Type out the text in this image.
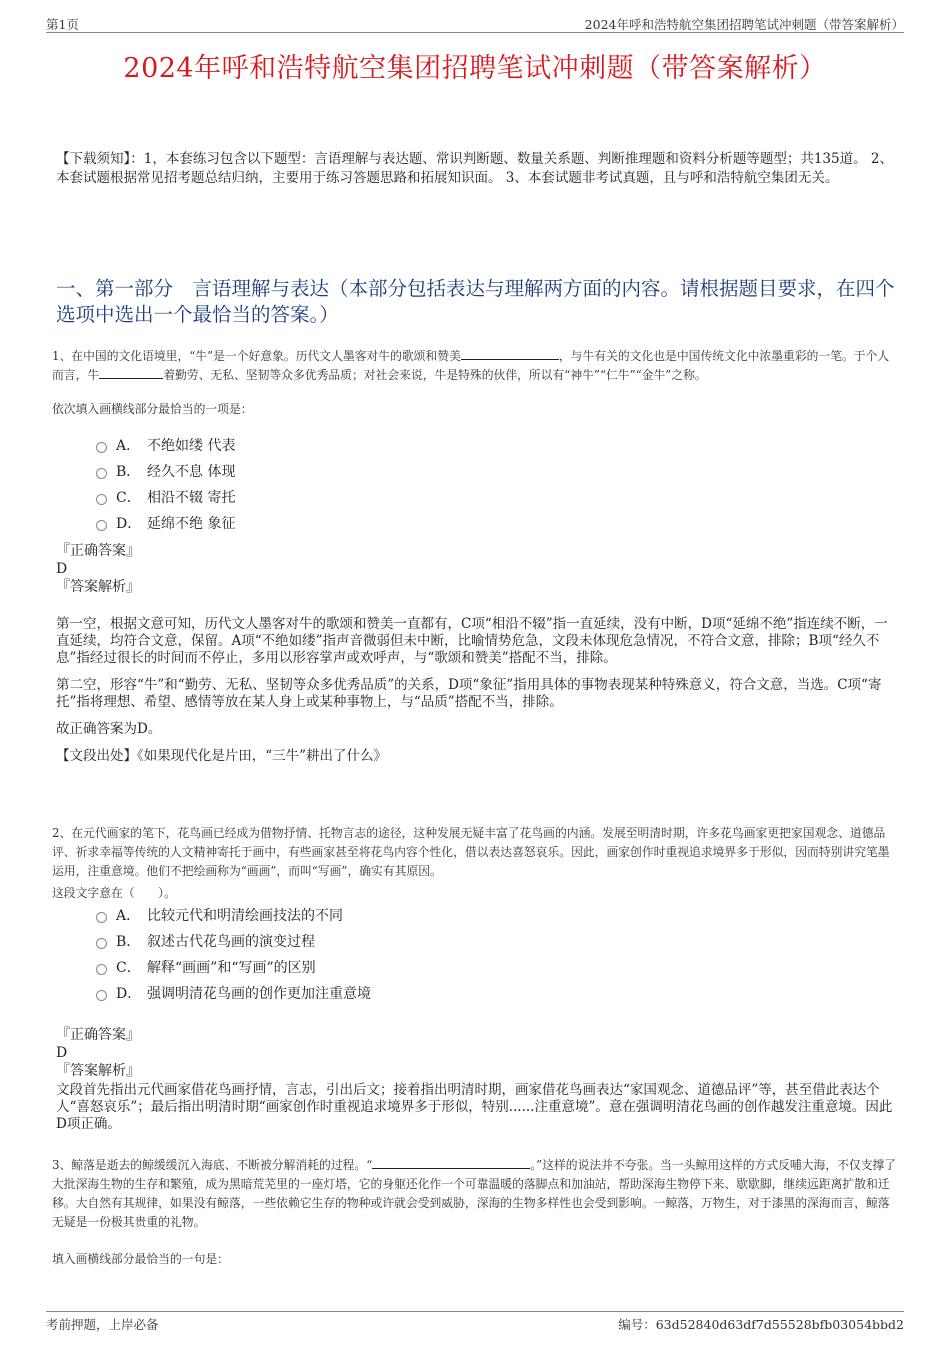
第1页	2024年呼和浩特航空集团招聘笔试冲刺题（带答案解析）
2024年呼和浩特航空集团招聘笔试冲刺题（带答案解析）
【下载须知】：1，本套练习包含以下题型：言语理解与表达题、常识判断题、数量关系题、判断推理题和资料分析题等题型；共135道。 2、本套试题根据常见招考题总结归纳，主要用于练习答题思路和拓展知识面。 3、本套试题非考试真题，且与呼和浩特航空集团无关。
一、第一部分　言语理解与表达（本部分包括表达与理解两方面的内容。请根据题目要求，在四个选项中选出一个最恰当的答案。）
1、在中国的文化语境里，“牛”是一个好意象。历代文人墨客对牛的歌颂和赞美	，与牛有关的文化也是中国传统文化中浓墨重彩的一笔。于个人而言，牛	着勤劳、无私、坚韧等众多优秀品质；对社会来说，牛是特殊的伙伴，所以有“神牛”“仁牛”“金牛”之称。
依次填入画横线部分最恰当的一项是：
A． 不绝如缕 代表
B． 经久不息 体现
C． 相沿不辍 寄托
D． 延绵不绝 象征

『正确答案』

D

『答案解析』

第一空，根据文意可知，历代文人墨客对牛的歌颂和赞美一直都有，C项“相沿不辍”指一直延续，没有中断，D项“延绵不绝”指连续不断，一直延续，均符合文意，保留。A项“不绝如缕”指声音微弱但未中断，比喻情势危急，文段未体现危急情况，不符合文意，排除；B项“经久不息”指经过很长的时间而不停止，多用以形容掌声或欢呼声，与“歌颂和赞美”搭配不当，排除。

第二空，形容“牛”和“勤劳、无私、坚韧等众多优秀品质”的关系，D项“象征”指用具体的事物表现某种特殊意义，符合文意，当选。C项“寄托”指将理想、希望、感情等放在某人身上或某种事物上，与“品质”搭配不当，排除。

故正确答案为D。

【文段出处】《如果现代化是片田，“三牛”耕出了什么》

2、在元代画家的笔下，花鸟画已经成为借物抒情、托物言志的途径，这种发展无疑丰富了花鸟画的内涵。发展至明清时期，许多花鸟画家更把家国观念、道德品评、祈求幸福等传统的人文精神寄托于画中，有些画家甚至将花鸟内容个性化，借以表达喜怒哀乐。因此，画家创作时重视追求境界多于形似，因而特别讲究笔墨运用，注重意境。他们不把绘画称为“画画”，而叫“写画”，确实有其原因。
这段文字意在（　　）。
A． 比较元代和明清绘画技法的不同
B． 叙述古代花鸟画的演变过程
C． 解释“画画”和“写画”的区别
D． 强调明清花鸟画的创作更加注重意境

『正确答案』

D

『答案解析』

文段首先指出元代画家借花鸟画抒情，言志，引出后文；接着指出明清时期，画家借花鸟画表达“家国观念、道德品评”等，甚至借此表达个人“喜怒哀乐”；最后指出明清时期“画家创作时重视追求境界多于形似，特别......注重意境”。意在强调明清花鸟画的创作越发注重意境。因此D项正确。

3、鲸落是逝去的鲸缓缓沉入海底、不断被分解消耗的过程。“	。”这样的说法并不夸张。当一头鲸用这样的方式反哺大海，不仅支撑了大批深海生物的生存和繁殖，成为黑暗荒芜里的一座灯塔，它的身躯还化作一个可靠温暖的落脚点和加油站，帮助深海生物停下来、歇歇脚，继续远距离扩散和迁移。大自然有其规律，如果没有鲸落，一些依赖它生存的物种或许就会受到威胁，深海的生物多样性也会受到影响。一鲸落，万物生，对于漆黑的深海而言，鲸落无疑是一份极其贵重的礼物。
填入画横线部分最恰当的一句是：
考前押题，上岸必备	编号：63d52840d63df7d55528bfb03054bbd2
